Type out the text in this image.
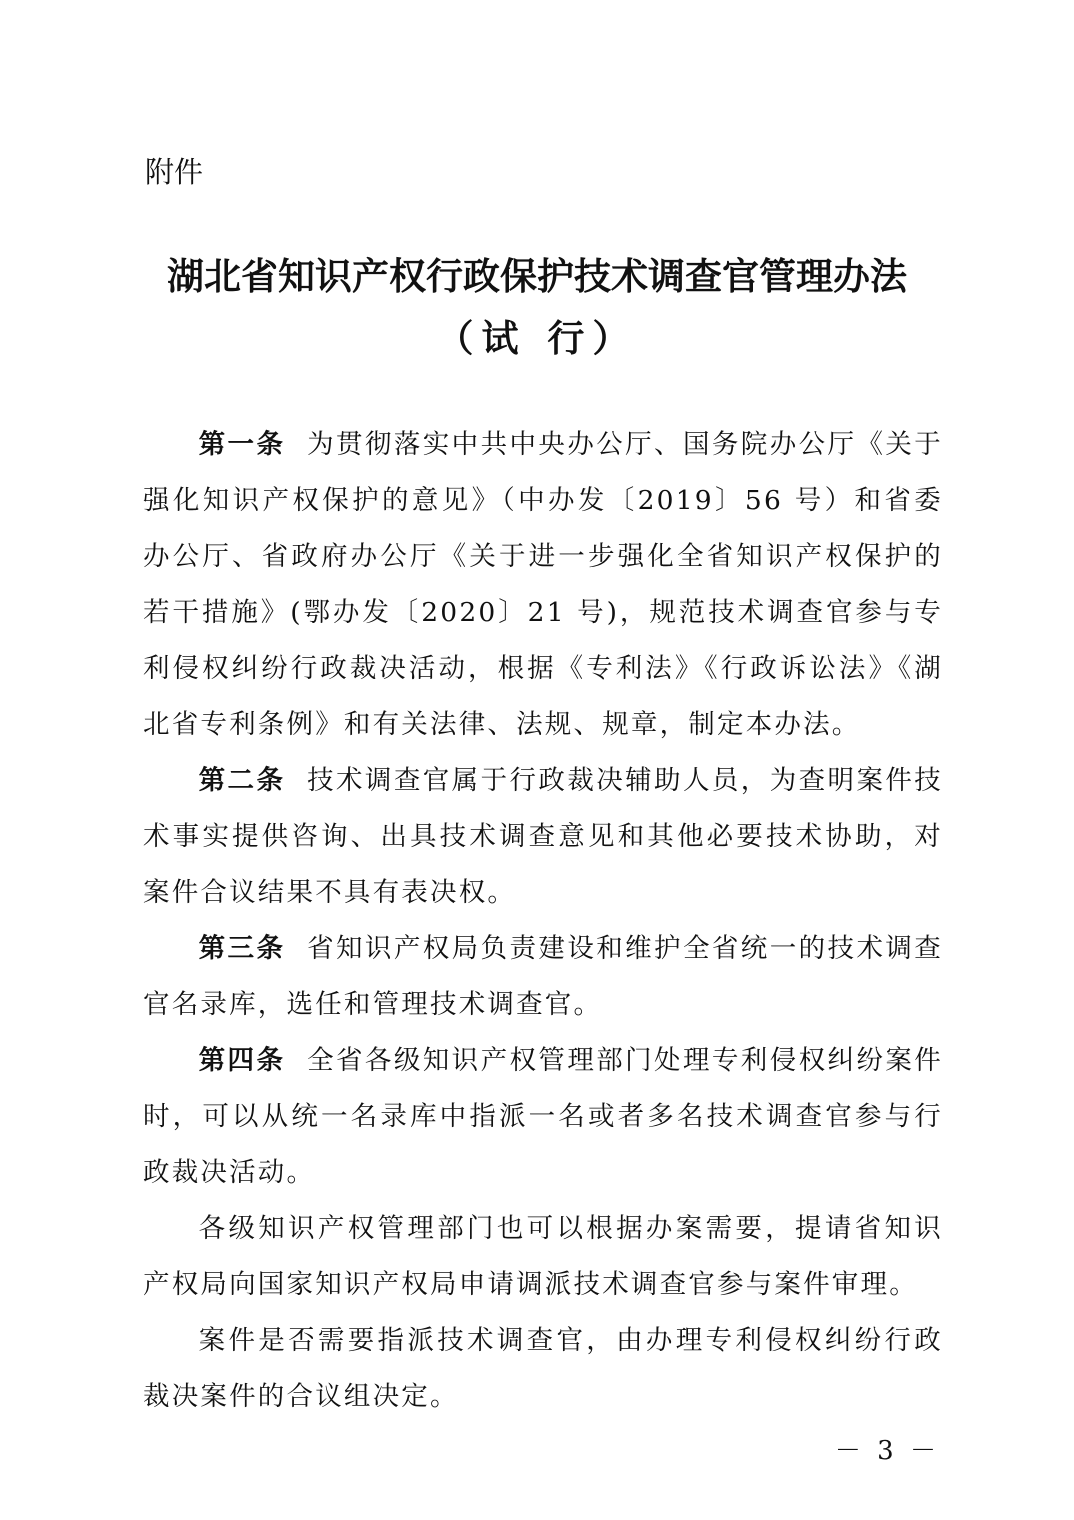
附件
湖北省知识产权行政保护技术调查官管理办法
（试 行）

第一条 为贯彻落实中共中央办公厅、国务院办公厅《关于强化知识产权保护的意见》（中办发〔2019〕56 号）和省委办公厅、省政府办公厅《关于进一步强化全省知识产权保护的若干措施》(鄂办发〔2020〕21 号)，规范技术调查官参与专利侵权纠纷行政裁决活动，根据《专利法》《行政诉讼法》《湖北省专利条例》和有关法律、法规、规章，制定本办法。

第二条 技术调查官属于行政裁决辅助人员，为查明案件技术事实提供咨询、出具技术调查意见和其他必要技术协助，对案件合议结果不具有表决权。

第三条 省知识产权局负责建设和维护全省统一的技术调查官名录库，选任和管理技术调查官。

第四条 全省各级知识产权管理部门处理专利侵权纠纷案件时，可以从统一名录库中指派一名或者多名技术调查官参与行政裁决活动。

各级知识产权管理部门也可以根据办案需要，提请省知识产权局向国家知识产权局申请调派技术调查官参与案件审理。

案件是否需要指派技术调查官，由办理专利侵权纠纷行政裁决案件的合议组决定。

－ 3 －
